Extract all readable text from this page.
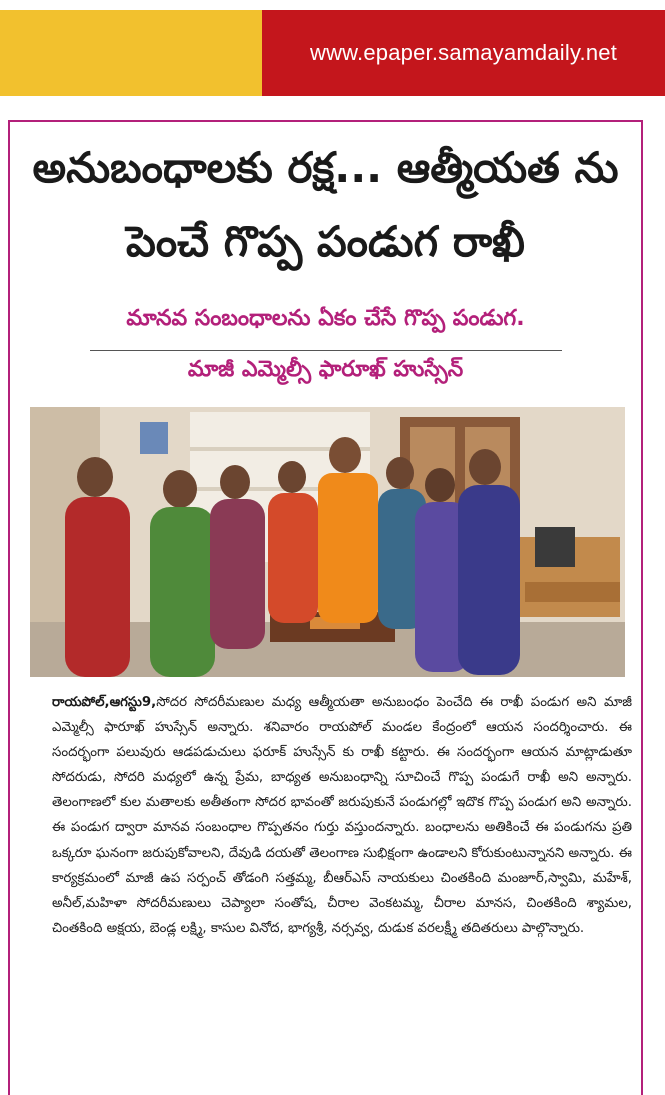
www.epaper.samayamdaily.net
అనుబంధాలకు రక్ష... ఆత్మీయత ను
పెంచే గొప్ప పండుగ రాఖీ
మానవ సంబంధాలను ఏకం చేసే గొప్ప పండుగ.
మాజీ ఎమ్మెల్సీ ఫారూఖ్ హుస్సేన్
రాయపోల్,ఆగస్టు9,సోదర సోదరీమణుల మధ్య ఆత్మీయతా అనుబంధం పెంచేది ఈ రాఖీ పండుగ అని మాజీ ఎమ్మెల్సీ ఫారూఖ్ హుస్సేన్ అన్నారు. శనివారం రాయపోల్ మండల కేంద్రంలో ఆయన సందర్శించారు. ఈ సందర్భంగా పలువురు ఆడపడుచులు ఫరూక్ హుస్సేన్ కు రాఖీ కట్టారు. ఈ సందర్భంగా ఆయన మాట్లాడుతూ సోదరుడు, సోదరి మధ్యలో ఉన్న ప్రేమ, బాధ్యత అనుబంధాన్ని సూచించే గొప్ప పండుగే రాఖీ అని అన్నారు. తెలంగాణలో కుల మతాలకు అతీతంగా సోదర భావంతో జరుపుకునే పండుగల్లో ఇదొక గొప్ప పండుగ అని అన్నారు. ఈ పండుగ ద్వారా మానవ సంబంధాల గొప్పతనం గుర్తు వస్తుందన్నారు. బంధాలను అతికించే ఈ పండుగను ప్రతి ఒక్కరూ ఘనంగా జరుపుకోవాలని, దేవుడి దయతో తెలంగాణ సుభిక్షంగా ఉండాలని కోరుకుంటున్నానని అన్నారు. ఈ కార్యక్రమంలో మాజీ ఉప సర్పంచ్ తోడంగి సత్తమ్మ, బీఆర్ఎస్ నాయకులు చింతకింది మంజూర్,స్వామి, మహేశ్, అనీల్,మహిళా సోదరీమణులు చెప్యాలా సంతోష, చీరాల వెంకటమ్మ, చీరాల మానస, చింతకింది శ్యామల, చింతకింది అక్షయ, బెండ్ల లక్ష్మి, కాసుల వినోద, భాగ్యశ్రీ, నర్సవ్వ, దుడుక వరలక్ష్మీ తదితరులు పాల్గొన్నారు.
